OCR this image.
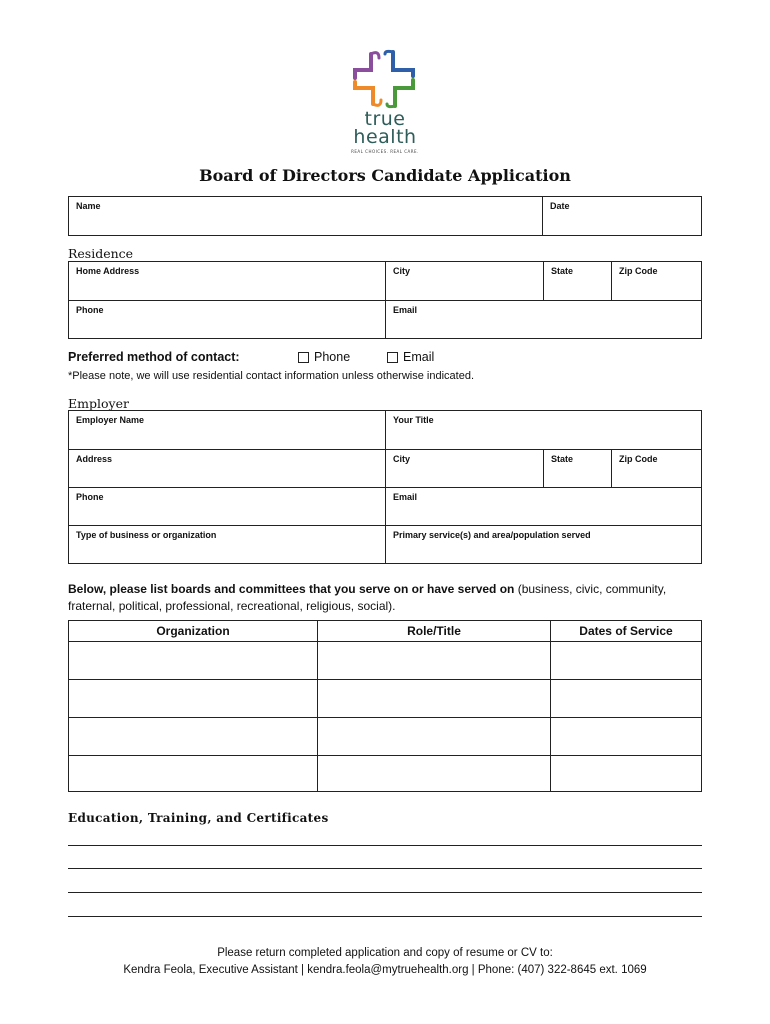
true
health
REAL CHOICES. REAL CARE.
Board of Directors Candidate Application
Name	Date
Residence
Home Address	City	State	Zip Code
Phone	Email
Preferred method of contact:	Phone	Email
*Please note, we will use residential contact information unless otherwise indicated.
Employer
Employer Name	Your Title
Address	City	State	Zip Code
Phone	Email
Type of business or organization	Primary service(s) and area/population served
Below, please list boards and committees that you serve on or have served on (business, civic, community, fraternal, political, professional, recreational, religious, social).
Organization	Role/Title	Dates of Service
Education, Training, and Certificates
Please return completed application and copy of resume or CV to:
Kendra Feola, Executive Assistant | kendra.feola@mytruehealth.org | Phone: (407) 322-8645 ext. 1069
